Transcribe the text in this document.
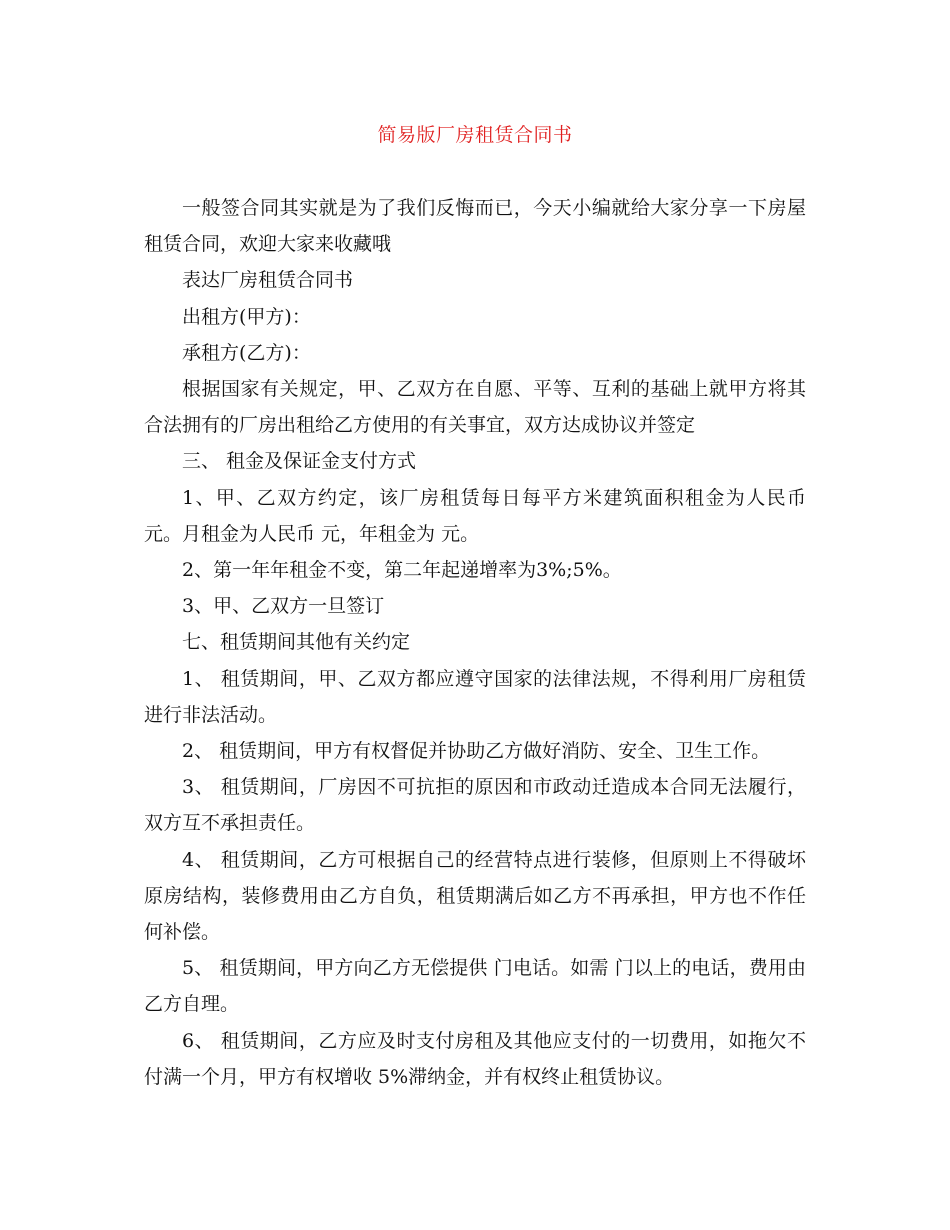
简易版厂房租赁合同书

一般签合同其实就是为了我们反悔而已，今天小编就给大家分享一下房屋租赁合同，欢迎大家来收藏哦

表达厂房租赁合同书

出租方(甲方)：

承租方(乙方)：

根据国家有关规定，甲、乙双方在自愿、平等、互利的基础上就甲方将其合法拥有的厂房出租给乙方使用的有关事宜，双方达成协议并签定

三、 租金及保证金支付方式

1、甲、乙双方约定，该厂房租赁每日每平方米建筑面积租金为人民币 元。月租金为人民币 元，年租金为 元。

2、第一年年租金不变，第二年起递增率为3%;5%。

3、甲、乙双方一旦签订

七、租赁期间其他有关约定

1、 租赁期间，甲、乙双方都应遵守国家的法律法规，不得利用厂房租赁进行非法活动。

2、 租赁期间，甲方有权督促并协助乙方做好消防、安全、卫生工作。

3、 租赁期间，厂房因不可抗拒的原因和市政动迁造成本合同无法履行，双方互不承担责任。

4、 租赁期间，乙方可根据自己的经营特点进行装修，但原则上不得破坏原房结构，装修费用由乙方自负，租赁期满后如乙方不再承担，甲方也不作任何补偿。

5、 租赁期间，甲方向乙方无偿提供 门电话。如需 门以上的电话，费用由乙方自理。

6、 租赁期间，乙方应及时支付房租及其他应支付的一切费用，如拖欠不付满一个月，甲方有权增收 5%滞纳金，并有权终止租赁协议。
